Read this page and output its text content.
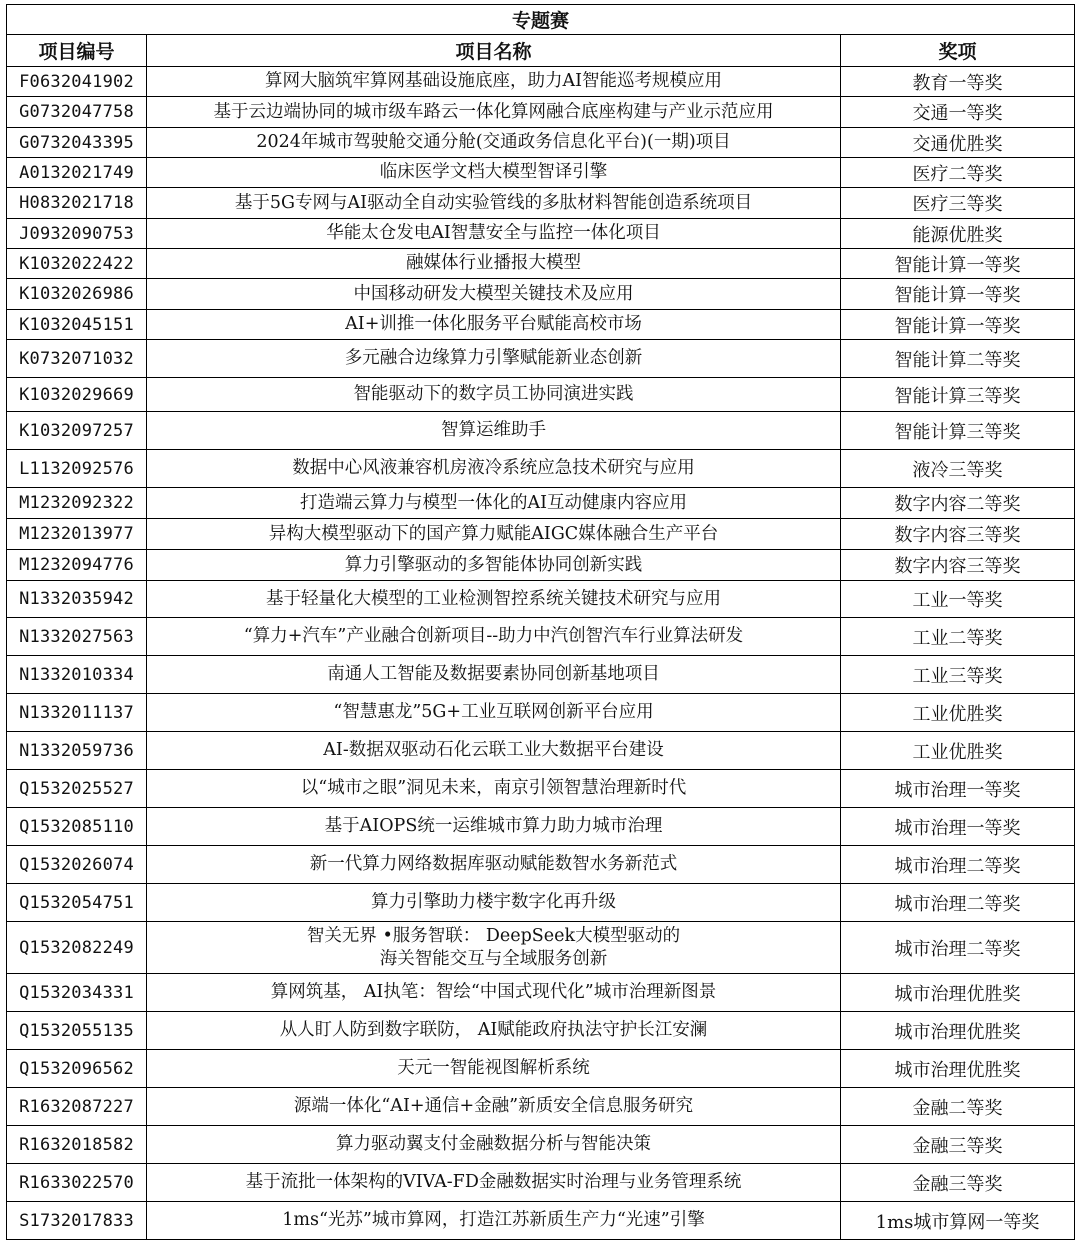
专题赛		
项目编号	项目名称	奖项
F0632041902	算网大脑筑牢算网基础设施底座，助力AI智能巡考规模应用	教育一等奖
G0732047758	基于云边端协同的城市级车路云一体化算网融合底座构建与产业示范应用	交通一等奖
G0732043395	2024年城市驾驶舱交通分舱(交通政务信息化平台)(一期)项目	交通优胜奖
A0132021749	临床医学文档大模型智译引擎	医疗二等奖
H0832021718	基于5G专网与AI驱动全自动实验管线的多肽材料智能创造系统项目	医疗三等奖
J0932090753	华能太仓发电AI智慧安全与监控一体化项目	能源优胜奖
K1032022422	融媒体行业播报大模型	智能计算一等奖
K1032026986	中国移动研发大模型关键技术及应用	智能计算一等奖
K1032045151	AI+训推一体化服务平台赋能高校市场	智能计算一等奖
K0732071032	多元融合边缘算力引擎赋能新业态创新	智能计算二等奖
K1032029669	智能驱动下的数字员工协同演进实践	智能计算三等奖
K1032097257	智算运维助手	智能计算三等奖
L1132092576	数据中心风液兼容机房液冷系统应急技术研究与应用	液冷三等奖
M1232092322	打造端云算力与模型一体化的AI互动健康内容应用	数字内容二等奖
M1232013977	异构大模型驱动下的国产算力赋能AIGC媒体融合生产平台	数字内容三等奖
M1232094776	算力引擎驱动的多智能体协同创新实践	数字内容三等奖
N1332035942	基于轻量化大模型的工业检测智控系统关键技术研究与应用	工业一等奖
N1332027563	“算力+汽车”产业融合创新项目--助力中汽创智汽车行业算法研发	工业二等奖
N1332010334	南通人工智能及数据要素协同创新基地项目	工业三等奖
N1332011137	“智慧惠龙”5G+工业互联网创新平台应用	工业优胜奖
N1332059736	AI-数据双驱动石化云联工业大数据平台建设	工业优胜奖
Q1532025527	以“城市之眼”洞见未来，南京引领智慧治理新时代	城市治理一等奖
Q1532085110	基于AIOPS统一运维城市算力助力城市治理	城市治理一等奖
Q1532026074	新一代算力网络数据库驱动赋能数智水务新范式	城市治理二等奖
Q1532054751	算力引擎助力楼宇数字化再升级	城市治理二等奖
Q1532082249	智关无界 •服务智联： DeepSeek大模型驱动的
海关智能交互与全域服务创新	城市治理二等奖
Q1532034331	算网筑基， AI执笔：智绘“中国式现代化”城市治理新图景	城市治理优胜奖
Q1532055135	从人盯人防到数字联防， AI赋能政府执法守护长江安澜	城市治理优胜奖
Q1532096562	天元一智能视图解析系统	城市治理优胜奖
R1632087227	源端一体化“AI+通信+金融”新质安全信息服务研究	金融二等奖
R1632018582	算力驱动翼支付金融数据分析与智能决策	金融三等奖
R1633022570	基于流批一体架构的VIVA-FD金融数据实时治理与业务管理系统	金融三等奖
S1732017833	1ms“光苏”城市算网，打造江苏新质生产力“光速”引擎	1ms城市算网一等奖
